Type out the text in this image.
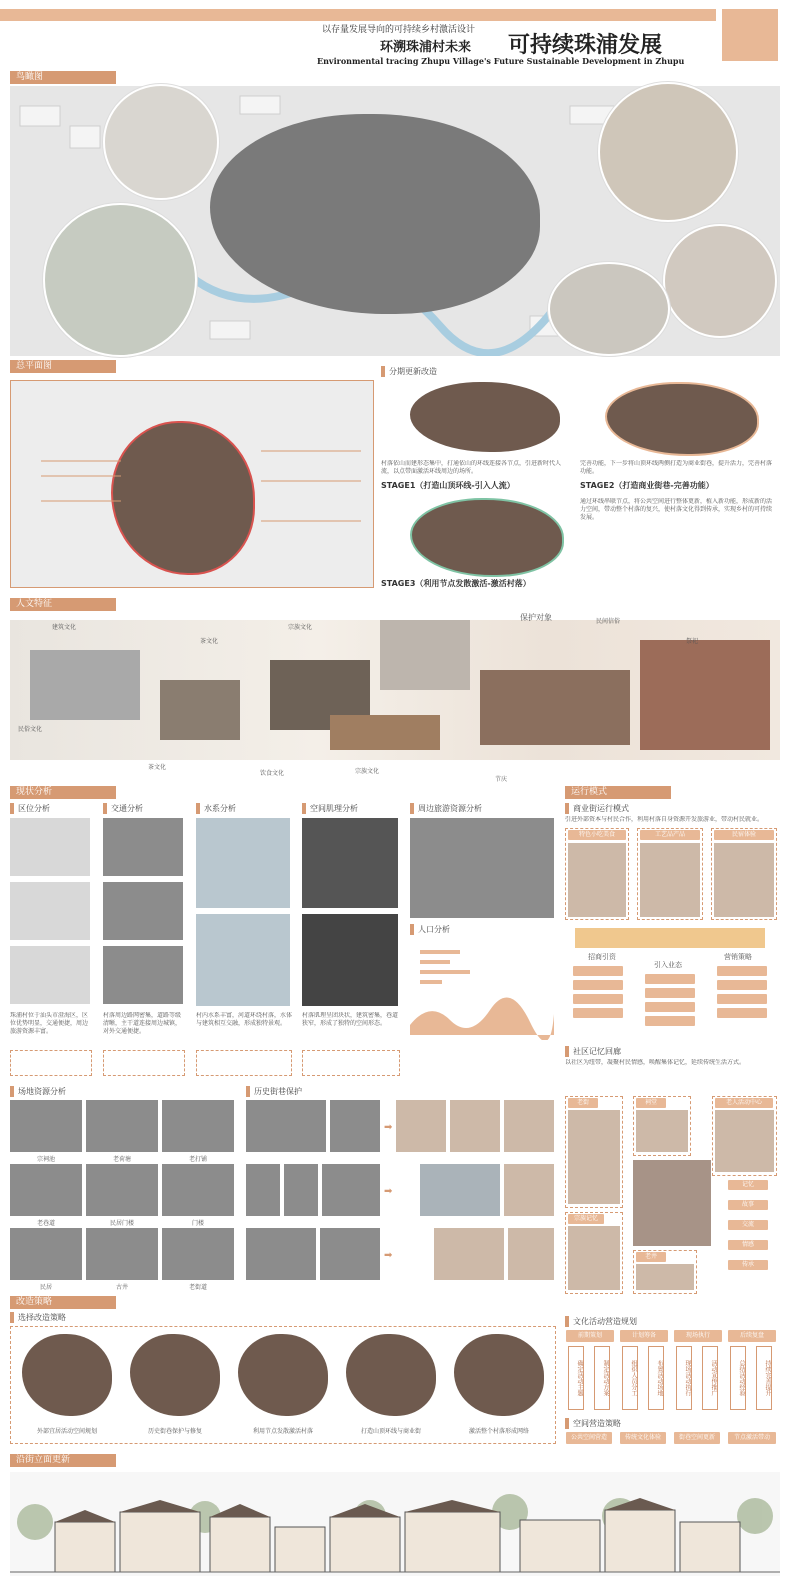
以存量发展导向的可持续乡村激活设计
环溯珠浦村未来 可持续珠浦发展
Environmental tracing Zhupu Village's Future Sustainable Development in Zhupu
鸟瞰图
总平面图
分期更新改造
村落依山而建形态集中，打通依山的环线连接各节点，引进新时代人流，以点带面激活环线周边的场所。
STAGE1（打造山顶环线-引入人流）
完善功能，下一步将山顶环线两侧打造为商业街巷，提升活力，完善村落功能。
STAGE2（打造商业街巷-完善功能）
通过环线串联节点，将公共空间进行整体更新，植入新功能，形成新的活力空间，带动整个村落的复兴，使村落文化得到传承，实现乡村的可持续发展。
STAGE3（利用节点发散激活-激活村落）
人文特征
建筑文化
茶文化
宗族文化
保护对象	民间信俗
祭祀
民俗文化
茶文化
饮食文化	宗族文化
节庆
现状分析
区位分析	交通分析	水系分析	空间肌理分析	周边旅游资源分析
人口分析
珠浦村位于汕头市澄海区，区位优势明显，交通便捷，周边旅游资源丰富。
村落周边路网密集，道路等级清晰，主干道连接周边城镇，对外交通便捷。
村内水系丰富，河道环绕村落，水体与建筑相互交融，形成独特景观。
村落肌理呈团块状，建筑密集，巷道狭窄，形成了独特的空间形态。
运行模式
商业街运行模式
引进外部资本与村民合作，利用村落自身资源开发旅游业，带动村民就业。
特色小吃美食	工艺品产品	民宿体验
招商引资
引入业态
营销策略
社区记忆回廊
以社区为纽带，凝聚村民情感，唤醒集体记忆，延续传统生活方式。
老街	祠堂	老人活动中心
宗族记忆
老井
记忆
故事
交流
情感
传承
文化活动营造规划
前期策划	计划筹备	现场执行	后续复盘
确定活动主题	制定活动方案	组织人员分工	布置活动场地	现场活动执行	活动宣传推广	总结活动经验	持续完善提升
空间营造策略
公共空间营造	传统文化体验	街巷空间更新	节点激活带动
场地资源分析
宗祠池	老荷塘	老打铺
老巷道	民居门楼	门楼
民居	古井	老街道
历史街巷保护
➡
➡
➡
改造策略
选择改造策略
外部宜居活动空间规划	历史街巷保护与修复	利用节点发散激活村落	打造山顶环线与商业街	激活整个村落形成网络
沿街立面更新
